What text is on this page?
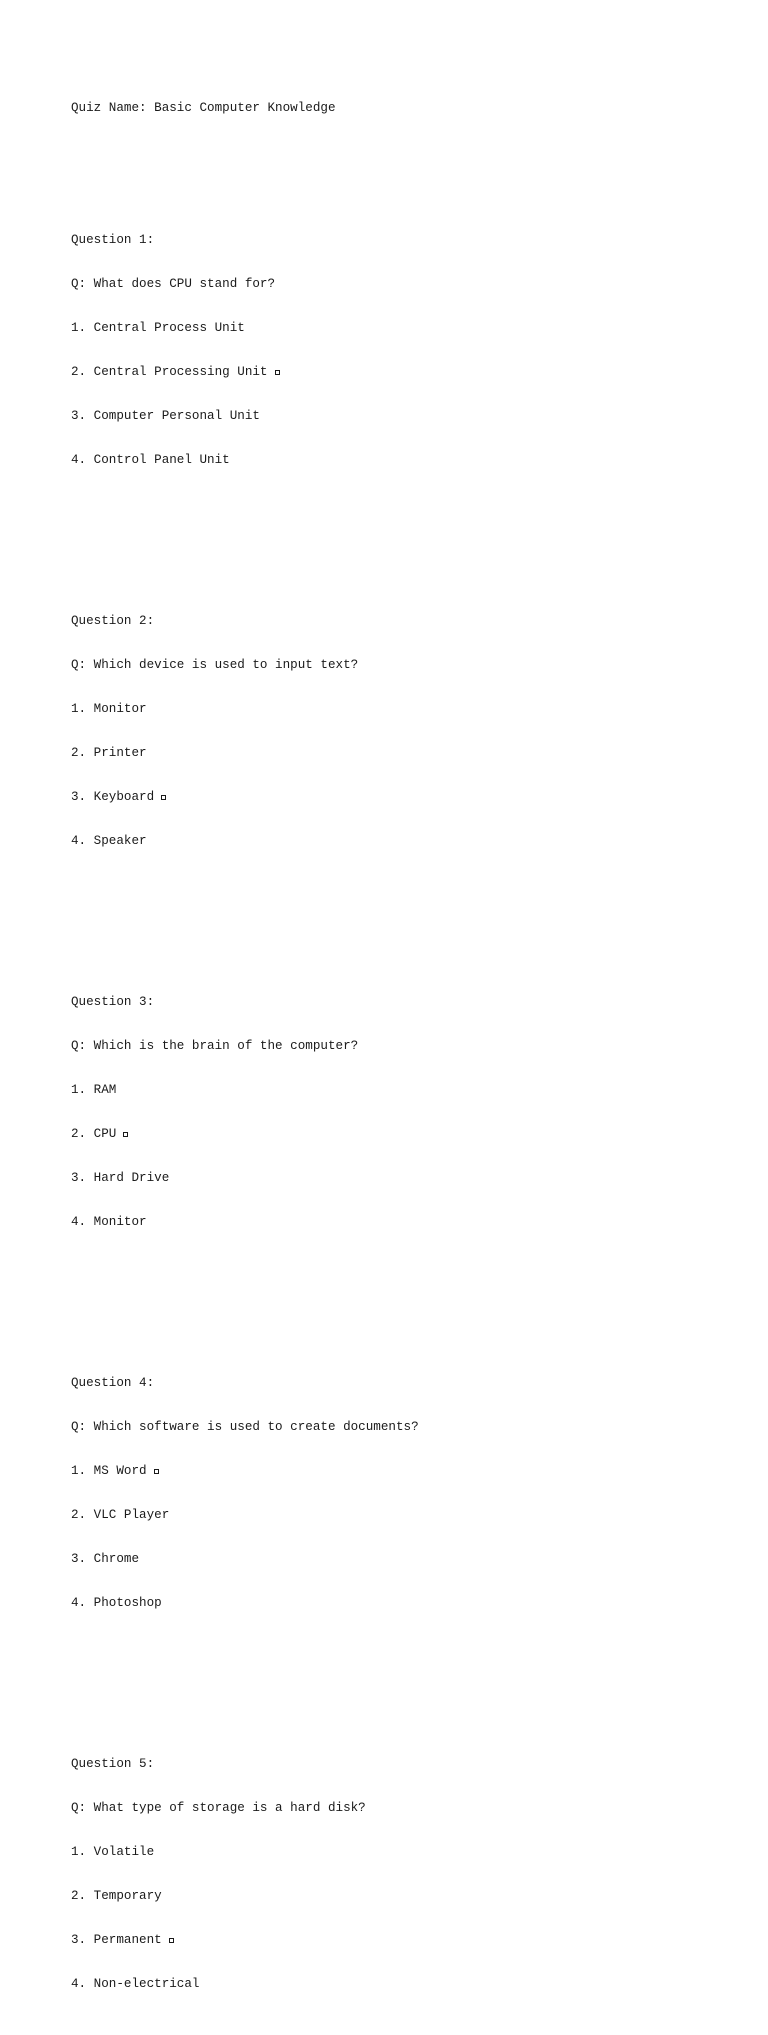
Quiz Name: Basic Computer Knowledge

Question 1:

Q: What does CPU stand for?

1. Central Process Unit

2. Central Processing Unit

3. Computer Personal Unit

4. Control Panel Unit

Question 2:

Q: Which device is used to input text?

1. Monitor

2. Printer

3. Keyboard

4. Speaker

Question 3:

Q: Which is the brain of the computer?

1. RAM

2. CPU

3. Hard Drive

4. Monitor

Question 4:

Q: Which software is used to create documents?

1. MS Word

2. VLC Player

3. Chrome

4. Photoshop

Question 5:

Q: What type of storage is a hard disk?

1. Volatile

2. Temporary

3. Permanent

4. Non-electrical
